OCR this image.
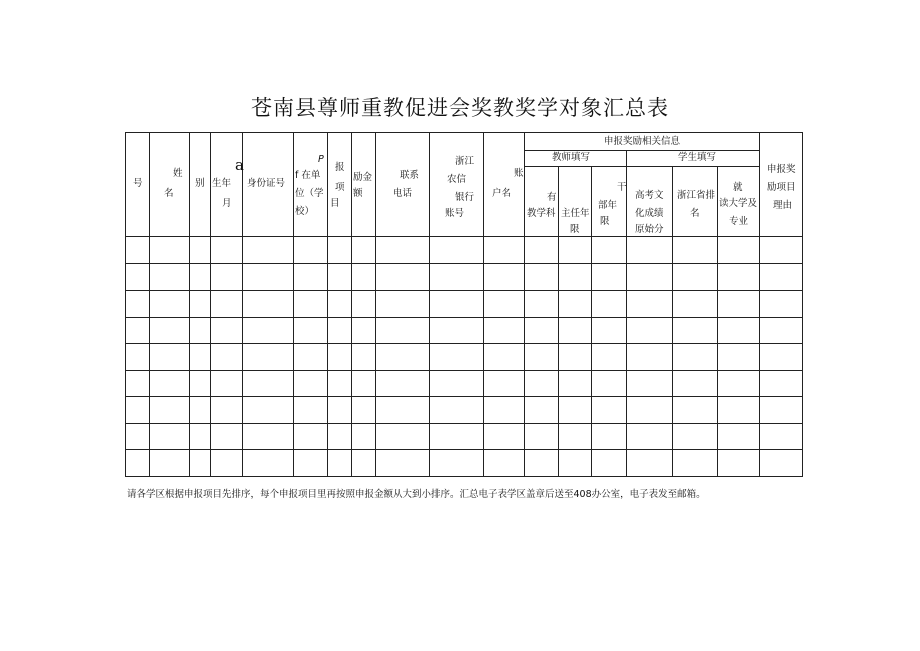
苍南县尊师重教促进会奖教奖学对象汇总表
号
姓
名
别
a
生年
月
身份证号
P
f 在单
位（学
校）
报
项
目
励金
额
联系
电话
浙江
农信
银行
账号
账
户名
申报奖励相关信息
教师填写	学生填写
有
教学科 主任年
限
干
部年
限
高考文
化成绩
原始分
浙江省排
名
就
读大学及
专业
申报奖
励项目
理由
请各学区根据申报项目先排序，每个申报项目里再按照申报金额从大到小排序。汇总电子表学区盖章后送至408办公室，电子表发至邮箱。
